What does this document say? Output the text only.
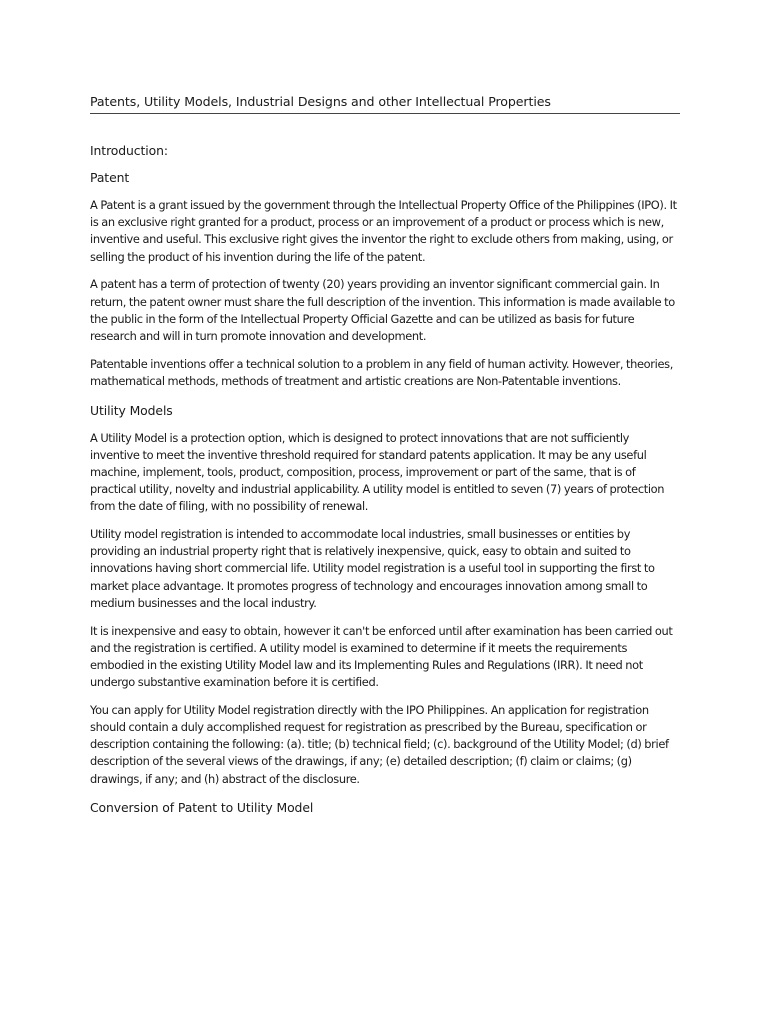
Patents, Utility Models, Industrial Designs and other Intellectual Properties
Introduction:
Patent

A Patent is a grant issued by the government through the Intellectual Property Office of the Philippines (IPO). It is an exclusive right granted for a product, process or an improvement of a product or process which is new, inventive and useful. This exclusive right gives the inventor the right to exclude others from making, using, or selling the product of his invention during the life of the patent.

A patent has a term of protection of twenty (20) years providing an inventor significant commercial gain. In return, the patent owner must share the full description of the invention. This information is made available to the public in the form of the Intellectual Property Official Gazette and can be utilized as basis for future research and will in turn promote innovation and development.

Patentable inventions offer a technical solution to a problem in any field of human activity. However, theories, mathematical methods, methods of treatment and artistic creations are Non-Patentable inventions.

Utility Models

A Utility Model is a protection option, which is designed to protect innovations that are not sufficiently inventive to meet the inventive threshold required for standard patents application. It may be any useful machine, implement, tools, product, composition, process, improvement or part of the same, that is of practical utility, novelty and industrial applicability. A utility model is entitled to seven (7) years of protection from the date of filing, with no possibility of renewal.

Utility model registration is intended to accommodate local industries, small businesses or entities by providing an industrial property right that is relatively inexpensive, quick, easy to obtain and suited to innovations having short commercial life. Utility model registration is a useful tool in supporting the first to market place advantage. It promotes progress of technology and encourages innovation among small to medium businesses and the local industry.

It is inexpensive and easy to obtain, however it can't be enforced until after examination has been carried out and the registration is certified. A utility model is examined to determine if it meets the requirements embodied in the existing Utility Model law and its Implementing Rules and Regulations (IRR). It need not undergo substantive examination before it is certified.

You can apply for Utility Model registration directly with the IPO Philippines. An application for registration should contain a duly accomplished request for registration as prescribed by the Bureau, specification or description containing the following: (a). title; (b) technical field; (c). background of the Utility Model; (d) brief description of the several views of the drawings, if any; (e) detailed description; (f) claim or claims; (g) drawings, if any; and (h) abstract of the disclosure.

Conversion of Patent to Utility Model
